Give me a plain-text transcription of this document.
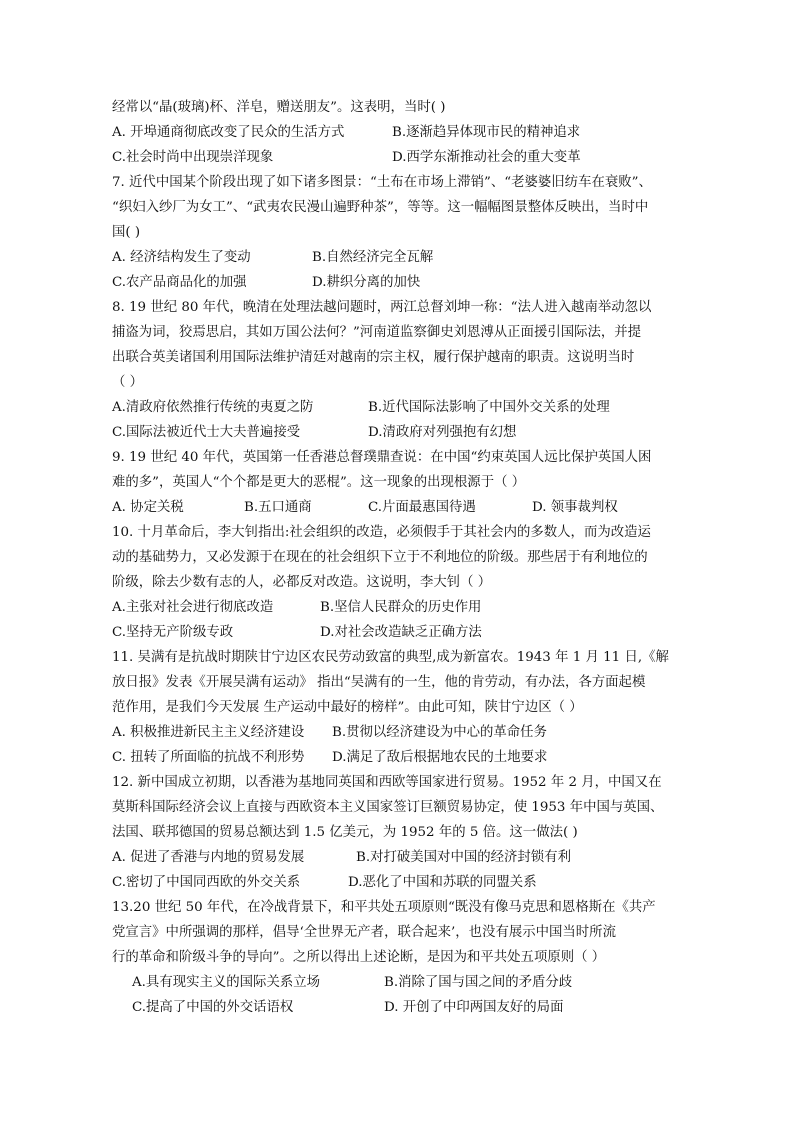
经常以“晶(玻璃)杯、洋皂，赠送朋友”。这表明，当时( )
A. 开埠通商彻底改变了民众的生活方式	B.逐渐趋异体现市民的精神追求
C.社会时尚中出现崇洋现象	D.西学东渐推动社会的重大变革
7. 近代中国某个阶段出现了如下诸多图景：“土布在市场上滞销”、“老婆婆旧纺车在衰败”、
“织妇入纱厂为女工”、“武夷农民漫山遍野种茶”，等等。这一幅幅图景整体反映出，当时中
国( )
A. 经济结构发生了变动	B.自然经济完全瓦解
C.农产品商品化的加强	D.耕织分离的加快
8. 19 世纪 80 年代，晚清在处理法越问题时，两江总督刘坤一称：“法人进入越南举动忽以
捕盗为词，狡焉思启，其如万国公法何？”河南道监察御史刘恩溥从正面援引国际法，并提
出联合英美诸国利用国际法维护清廷对越南的宗主权，履行保护越南的职责。这说明当时
（ ）
A.清政府依然推行传统的夷夏之防	B.近代国际法影响了中国外交关系的处理
C.国际法被近代士大夫普遍接受	D.清政府对列强抱有幻想
9. 19 世纪 40 年代，英国第一任香港总督璞鼎查说：在中国“约束英国人远比保护英国人困
难的多”，英国人“个个都是更大的恶棍”。这一现象的出现根源于（ ）
A. 协定关税	B.五口通商	C.片面最惠国待遇	D. 领事裁判权
10. 十月革命后，李大钊指出:社会组织的改造，必须假手于其社会内的多数人，而为改造运
动的基础势力，又必发源于在现在的社会组织下立于不利地位的阶级。那些居于有利地位的
阶级，除去少数有志的人，必都反对改造。这说明，李大钊（ ）
A.主张对社会进行彻底改造	B.坚信人民群众的历史作用
C.坚持无产阶级专政	D.对社会改造缺乏正确方法
11. 吴满有是抗战时期陕甘宁边区农民劳动致富的典型,成为新富农。1943 年 1 月 11 日,《解
放日报》发表《开展吴满有运动》 指出“吴满有的一生，他的肯劳动，有办法，各方面起模
范作用，是我们今天发展 生产运动中最好的榜样”。由此可知，陕甘宁边区（ ）
A. 积极推进新民主主义经济建设 B.贯彻以经济建设为中心的革命任务
C. 扭转了所面临的抗战不利形势 D.满足了敌后根据地农民的土地要求
12. 新中国成立初期，以香港为基地同英国和西欧等国家进行贸易。1952 年 2 月，中国又在
莫斯科国际经济会议上直接与西欧资本主义国家签订巨额贸易协定，使 1953 年中国与英国、
法国、联邦德国的贸易总额达到 1.5 亿美元，为 1952 年的 5 倍。这一做法( )
A. 促进了香港与内地的贸易发展	B.对打破美国对中国的经济封锁有利
C.密切了中国同西欧的外交关系	D.恶化了中国和苏联的同盟关系
13.20 世纪 50 年代，在冷战背景下，和平共处五项原则“既没有像马克思和恩格斯在《共产
党宣言》中所强调的那样，倡导‘全世界无产者，联合起来’，也没有展示中国当时所流
行的革命和阶级斗争的导向”。之所以得出上述论断，是因为和平共处五项原则（ ）
A.具有现实主义的国际关系立场	B.消除了国与国之间的矛盾分歧
C.提高了中国的外交话语权	D. 开创了中印两国友好的局面
